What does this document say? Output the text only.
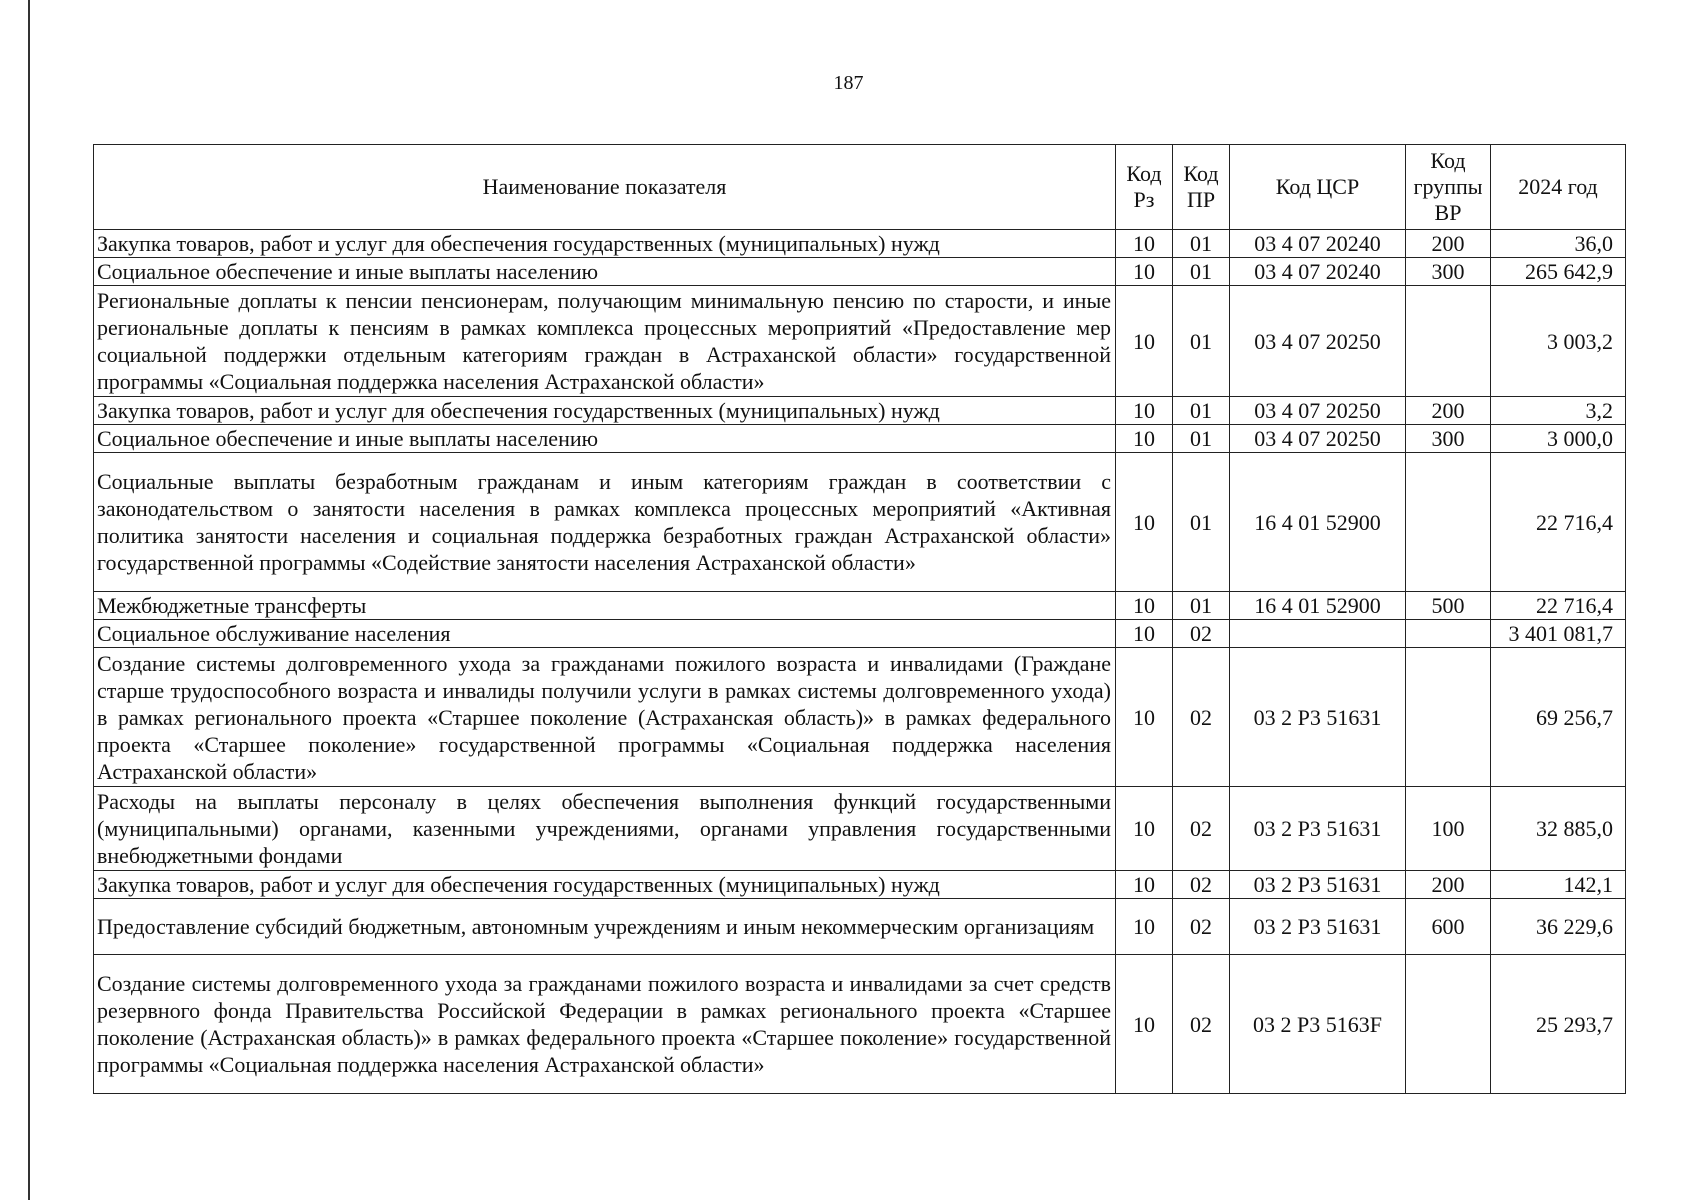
187
Наименование показателя	Код Рз	Код ПР	Код ЦСР	Код группы ВР	2024 год
Закупка товаров, работ и услуг для обеспечения государственных (муниципальных) нужд	10	01	03 4 07 20240	200	36,0
Социальное обеспечение и иные выплаты населению	10	01	03 4 07 20240	300	265 642,9
Региональные доплаты к пенсии пенсионерам, получающим минимальную пенсию по старости, и иные региональные доплаты к пенсиям в рамках комплекса процессных мероприятий «Предоставление мер социальной поддержки отдельным категориям граждан в Астраханской области» государственной программы «Социальная поддержка населения Астраханской области»	10	01	03 4 07 20250		3 003,2
Закупка товаров, работ и услуг для обеспечения государственных (муниципальных) нужд	10	01	03 4 07 20250	200	3,2
Социальное обеспечение и иные выплаты населению	10	01	03 4 07 20250	300	3 000,0
Социальные выплаты безработным гражданам и иным категориям граждан в соответствии с законодательством о занятости населения в рамках комплекса процессных мероприятий «Активная политика занятости населения и социальная поддержка безработных граждан Астраханской области» государственной программы «Содействие занятости населения Астраханской области»	10	01	16 4 01 52900		22 716,4
Межбюджетные трансферты	10	01	16 4 01 52900	500	22 716,4
Социальное обслуживание населения	10	02			3 401 081,7
Создание системы долговременного ухода за гражданами пожилого возраста и инвалидами (Граждане старше трудоспособного возраста и инвалиды получили услуги в рамках системы долговременного ухода) в рамках регионального проекта «Старшее поколение (Астраханская область)» в рамках федерального проекта «Старшее поколение» государственной программы «Социальная поддержка населения Астраханской области»	10	02	03 2 Р3 51631		69 256,7
Расходы на выплаты персоналу в целях обеспечения выполнения функций государственными (муниципальными) органами, казенными учреждениями, органами управления государственными внебюджетными фондами	10	02	03 2 Р3 51631	100	32 885,0
Закупка товаров, работ и услуг для обеспечения государственных (муниципальных) нужд	10	02	03 2 Р3 51631	200	142,1
Предоставление субсидий бюджетным, автономным учреждениям и иным некоммерческим организациям	10	02	03 2 Р3 51631	600	36 229,6
Создание системы долговременного ухода за гражданами пожилого возраста и инвалидами за счет средств резервного фонда Правительства Российской Федерации в рамках регионального проекта «Старшее поколение (Астраханская область)» в рамках федерального проекта «Старшее поколение» государственной программы «Социальная поддержка населения Астраханской области»	10	02	03 2 Р3 5163F		25 293,7
